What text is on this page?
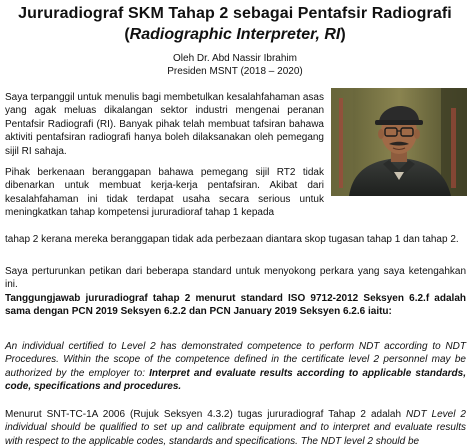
Jururadiograf SKM Tahap 2 sebagai Pentafsir Radiografi
(Radiographic Interpreter, RI)
Oleh Dr. Abd Nassir Ibrahim
Presiden MSNT (2018 – 2020)

Saya terpanggil untuk menulis bagi membetulkan kesalahfahaman asas yang agak meluas dikalangan sektor industri mengenai peranan Pentafsir Radiografi (RI). Banyak pihak telah membuat tafsiran bahawa aktiviti pentafsiran radiografi hanya boleh dilaksanakan oleh pemegang sijil RI sahaja.

Pihak berkenaan beranggapan bahawa pemegang sijil RT2 tidak dibenarkan untuk membuat kerja-kerja pentafsiran. Akibat dari kesalahfahaman ini tidak terdapat usaha secara serious untuk meningkatkan tahap kompetensi jururadioraf tahap 1 kepada

tahap 2 kerana mereka beranggapan tidak ada perbezaan diantara skop tugasan tahap 1 dan tahap 2.

Saya perturunkan petikan dari beberapa standard untuk menyokong perkara yang saya ketengahkan ini.

Tanggungjawab jururadiograf tahap 2 menurut standard ISO 9712-2012 Seksyen 6.2.f adalah sama dengan PCN 2019 Seksyen 6.2.2 dan PCN January 2019 Seksyen 6.2.6 iaitu:

An individual certified to Level 2 has demonstrated competence to perform NDT according to NDT Procedures. Within the scope of the competence defined in the certificate level 2 personnel may be authorized by the employer to: Interpret and evaluate results according to applicable standards, code, specifications and procedures.

Menurut SNT-TC-1A 2006 (Rujuk Seksyen 4.3.2) tugas jururadiograf Tahap 2 adalah NDT Level 2 individual should be qualified to set up and calibrate equipment and to interpret and evaluate results with respect to the applicable codes, standards and specifications. The NDT level 2 should be
